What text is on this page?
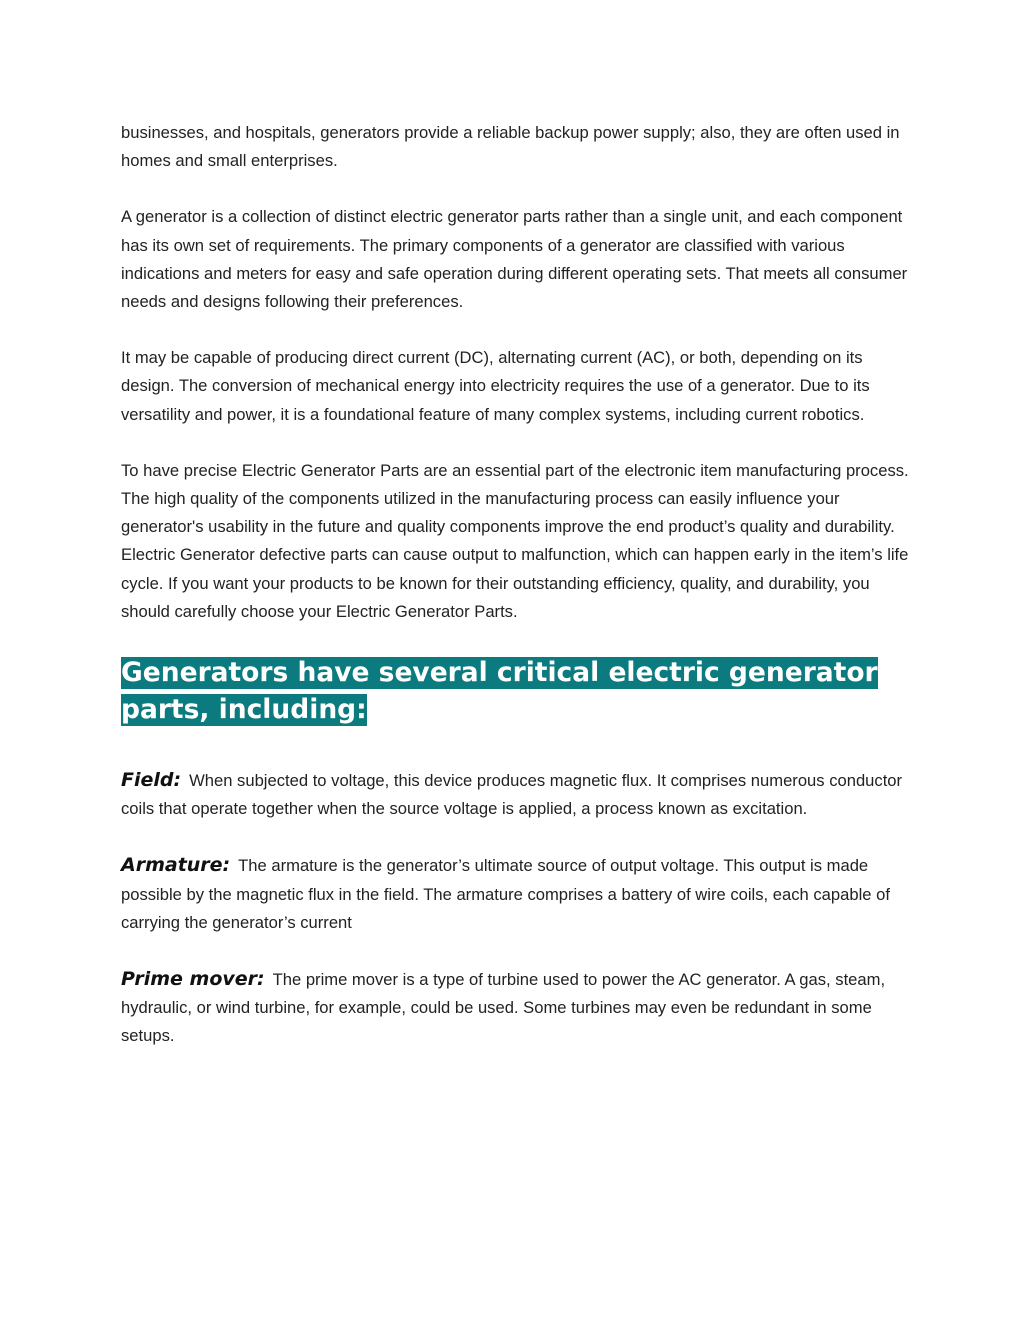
businesses, and hospitals, generators provide a reliable backup power supply; also, they are often used in homes and small enterprises.

A generator is a collection of distinct electric generator parts rather than a single unit, and each component has its own set of requirements. The primary components of a generator are classified with various indications and meters for easy and safe operation during different operating sets. That meets all consumer needs and designs following their preferences.

It may be capable of producing direct current (DC), alternating current (AC), or both, depending on its design. The conversion of mechanical energy into electricity requires the use of a generator. Due to its versatility and power, it is a foundational feature of many complex systems, including current robotics.

To have precise Electric Generator Parts are an essential part of the electronic item manufacturing process. The high quality of the components utilized in the manufacturing process can easily influence your generator's usability in the future and quality components improve the end product’s quality and durability. Electric Generator defective parts can cause output to malfunction, which can happen early in the item’s life cycle. If you want your products to be known for their outstanding efficiency, quality, and durability, you should carefully choose your Electric Generator Parts.

Generators have several critical electric generator parts, including:

Field: When subjected to voltage, this device produces magnetic flux. It comprises numerous conductor coils that operate together when the source voltage is applied, a process known as excitation.

Armature: The armature is the generator’s ultimate source of output voltage. This output is made possible by the magnetic flux in the field. The armature comprises a battery of wire coils, each capable of carrying the generator’s current

Prime mover: The prime mover is a type of turbine used to power the AC generator. A gas, steam, hydraulic, or wind turbine, for example, could be used. Some turbines may even be redundant in some setups.
